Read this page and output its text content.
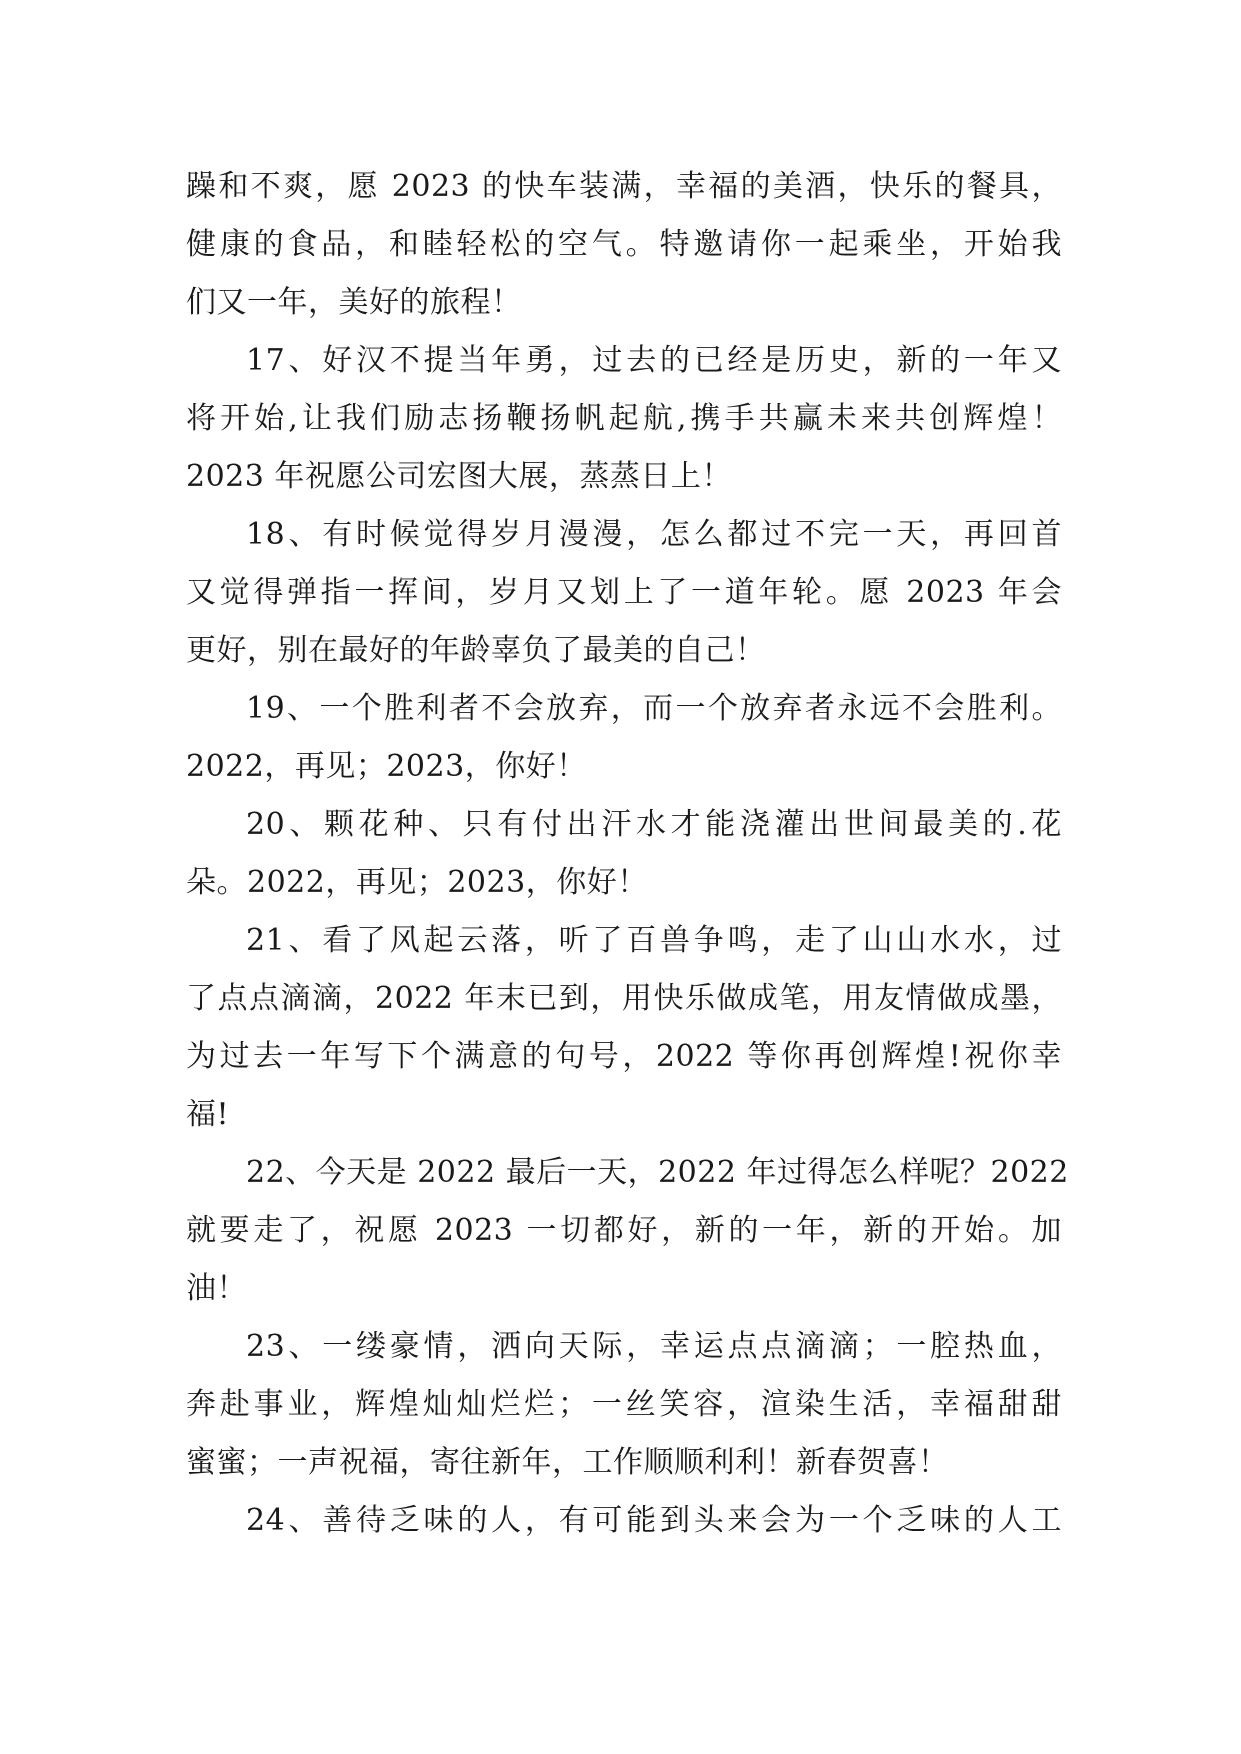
躁和不爽，愿 2023 的快车装满，幸福的美酒，快乐的餐具，
健康的食品，和睦轻松的空气。特邀请你一起乘坐，开始我
们又一年，美好的旅程！
17、好汉不提当年勇，过去的已经是历史，新的一年又
将开始,让我们励志扬鞭扬帆起航,携手共赢未来共创辉煌！
2023 年祝愿公司宏图大展，蒸蒸日上！
18、有时候觉得岁月漫漫，怎么都过不完一天，再回首
又觉得弹指一挥间，岁月又划上了一道年轮。愿 2023 年会
更好，别在最好的年龄辜负了最美的自己！
19、一个胜利者不会放弃，而一个放弃者永远不会胜利。
2022，再见；2023，你好！
20、颗花种、只有付出汗水才能浇灌出世间最美的.花
朵。2022，再见；2023，你好！
21、看了风起云落，听了百兽争鸣，走了山山水水，过
了点点滴滴，2022 年末已到，用快乐做成笔，用友情做成墨，
为过去一年写下个满意的句号，2022 等你再创辉煌!祝你幸
福!
22、今天是 2022 最后一天，2022 年过得怎么样呢？2022
就要走了，祝愿 2023 一切都好，新的一年，新的开始。加
油！
23、一缕豪情，洒向天际，幸运点点滴滴；一腔热血，
奔赴事业，辉煌灿灿烂烂；一丝笑容，渲染生活，幸福甜甜
蜜蜜；一声祝福，寄往新年，工作顺顺利利！新春贺喜！
24、善待乏味的人，有可能到头来会为一个乏味的人工
